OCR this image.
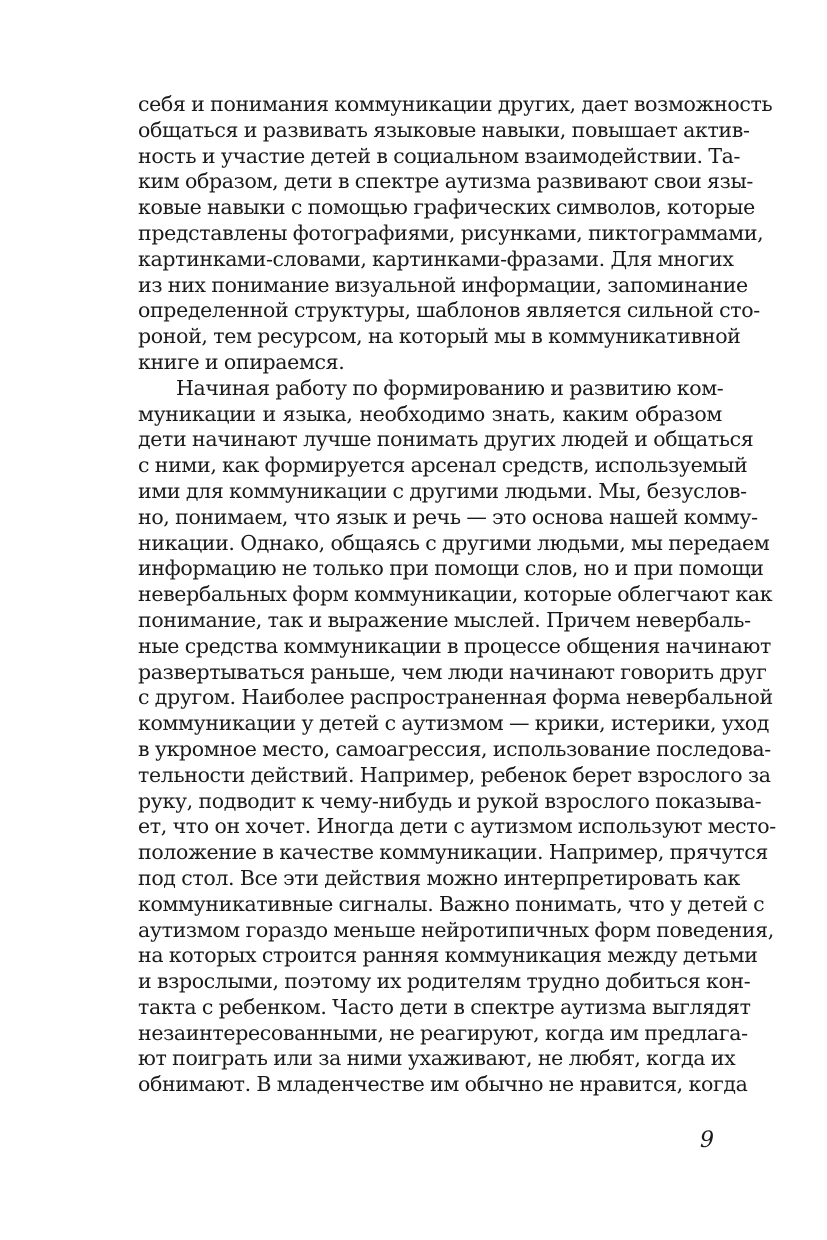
себя и понимания коммуникации других, дает возможность
общаться и развивать языковые навыки, повышает актив-
ность и участие детей в социальном взаимодействии. Та-
ким образом, дети в спектре аутизма развивают свои язы-
ковые навыки с помощью графических символов, которые
представлены фотографиями, рисунками, пиктограммами,
картинками-словами, картинками-фразами. Для многих
из них понимание визуальной информации, запоминание
определенной структуры, шаблонов является сильной сто-
роной, тем ресурсом, на который мы в коммуникативной
книге и опираемся.
Начиная работу по формированию и развитию ком-
муникации и языка, необходимо знать, каким образом
дети начинают лучше понимать других людей и общаться
с ними, как формируется арсенал средств, используемый
ими для коммуникации с другими людьми. Мы, безуслов-
но, понимаем, что язык и речь — это основа нашей комму-
никации. Однако, общаясь с другими людьми, мы передаем
информацию не только при помощи слов, но и при помощи
невербальных форм коммуникации, которые облегчают как
понимание, так и выражение мыслей. Причем невербаль-
ные средства коммуникации в процессе общения начинают
развертываться раньше, чем люди начинают говорить друг
с другом. Наиболее распространенная форма невербальной
коммуникации у детей с аутизмом — крики, истерики, уход
в укромное место, самоагрессия, использование последова-
тельности действий. Например, ребенок берет взрослого за
руку, подводит к чему-нибудь и рукой взрослого показыва-
ет, что он хочет. Иногда дети с аутизмом используют место-
положение в качестве коммуникации. Например, прячутся
под стол. Все эти действия можно интерпретировать как
коммуникативные сигналы. Важно понимать, что у детей с
аутизмом гораздо меньше нейротипичных форм поведения,
на которых строится ранняя коммуникация между детьми
и взрослыми, поэтому их родителям трудно добиться кон-
такта с ребенком. Часто дети в спектре аутизма выглядят
незаинтересованными, не реагируют, когда им предлага-
ют поиграть или за ними ухаживают, не любят, когда их
обнимают. В младенчестве им обычно не нравится, когда
9
